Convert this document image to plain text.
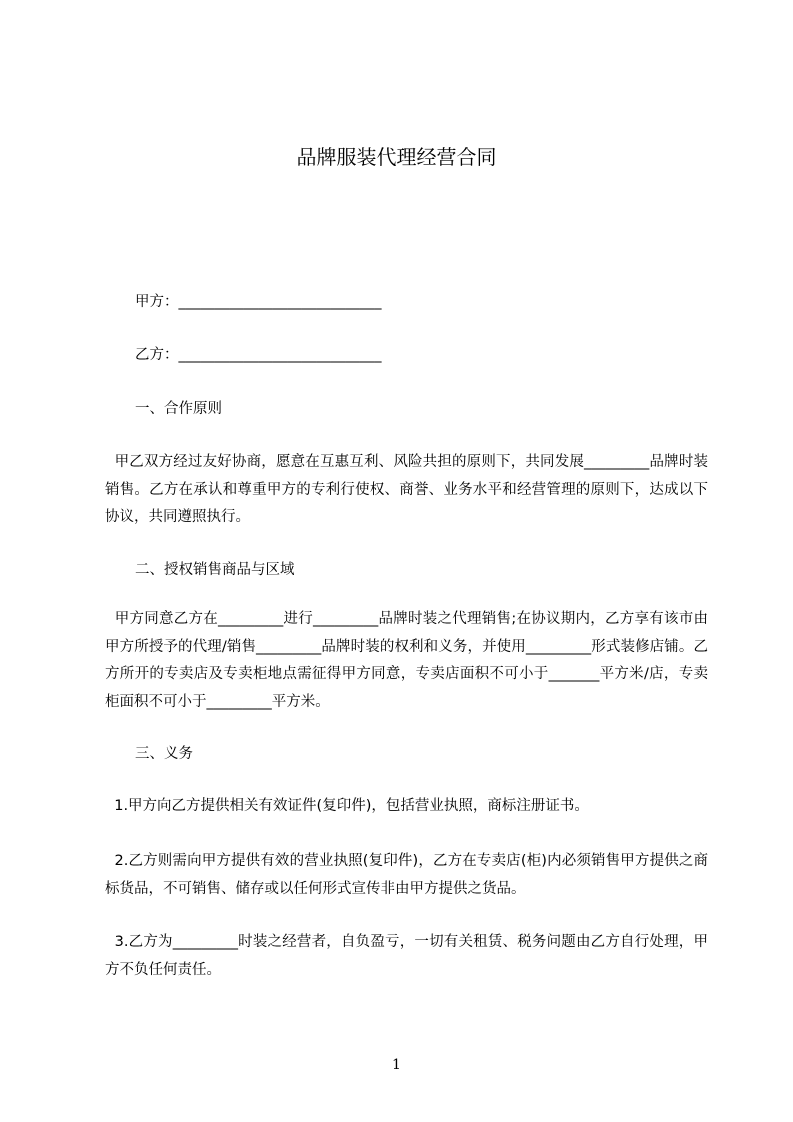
品牌服装代理经营合同
甲方：____________________________
乙方：____________________________
一、合作原则
甲乙双方经过友好协商，愿意在互惠互利、风险共担的原则下，共同发展_________品牌时装销售。乙方在承认和尊重甲方的专利行使权、商誉、业务水平和经营管理的原则下，达成以下协议，共同遵照执行。
二、授权销售商品与区域
甲方同意乙方在_________进行_________品牌时装之代理销售;在协议期内，乙方享有该市由甲方所授予的代理/销售_________品牌时装的权利和义务，并使用_________形式装修店铺。乙方所开的专卖店及专卖柜地点需征得甲方同意，专卖店面积不可小于_______平方米/店，专卖柜面积不可小于_________平方米。
三、义务
1.甲方向乙方提供相关有效证件(复印件)，包括营业执照，商标注册证书。
2.乙方则需向甲方提供有效的营业执照(复印件)，乙方在专卖店(柜)内必须销售甲方提供之商标货品，不可销售、储存或以任何形式宣传非由甲方提供之货品。
3.乙方为_________时装之经营者，自负盈亏，一切有关租赁、税务问题由乙方自行处理，甲方不负任何责任。
1
